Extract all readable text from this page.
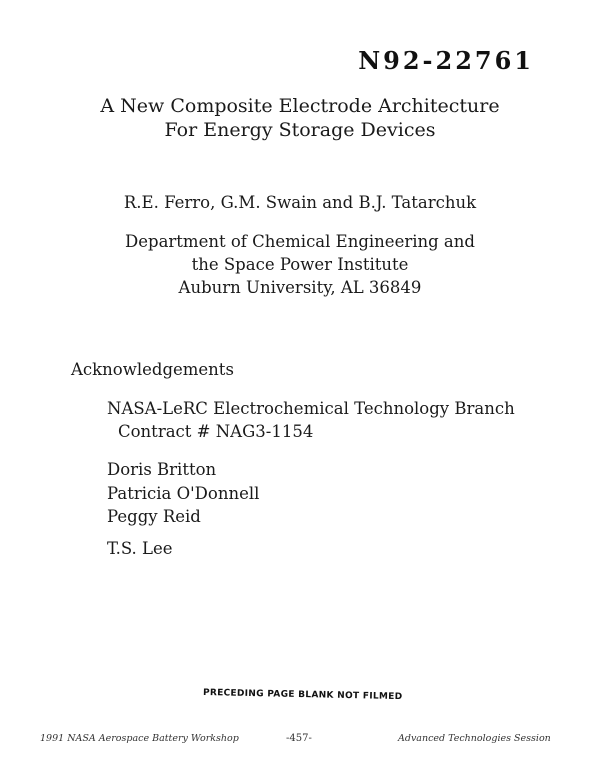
N92-22761
A New Composite Electrode Architecture
For Energy Storage Devices
R.E. Ferro, G.M. Swain and B.J. Tatarchuk
Department of Chemical Engineering and
the Space Power Institute
Auburn University, AL 36849
Acknowledgements
NASA-LeRC Electrochemical Technology Branch
Contract # NAG3-1154
Doris Britton
Patricia O'Donnell
Peggy Reid
T.S. Lee
PRECEDING PAGE BLANK NOT FILMED
1991 NASA Aerospace Battery Workshop	-457-	Advanced Technologies Session
